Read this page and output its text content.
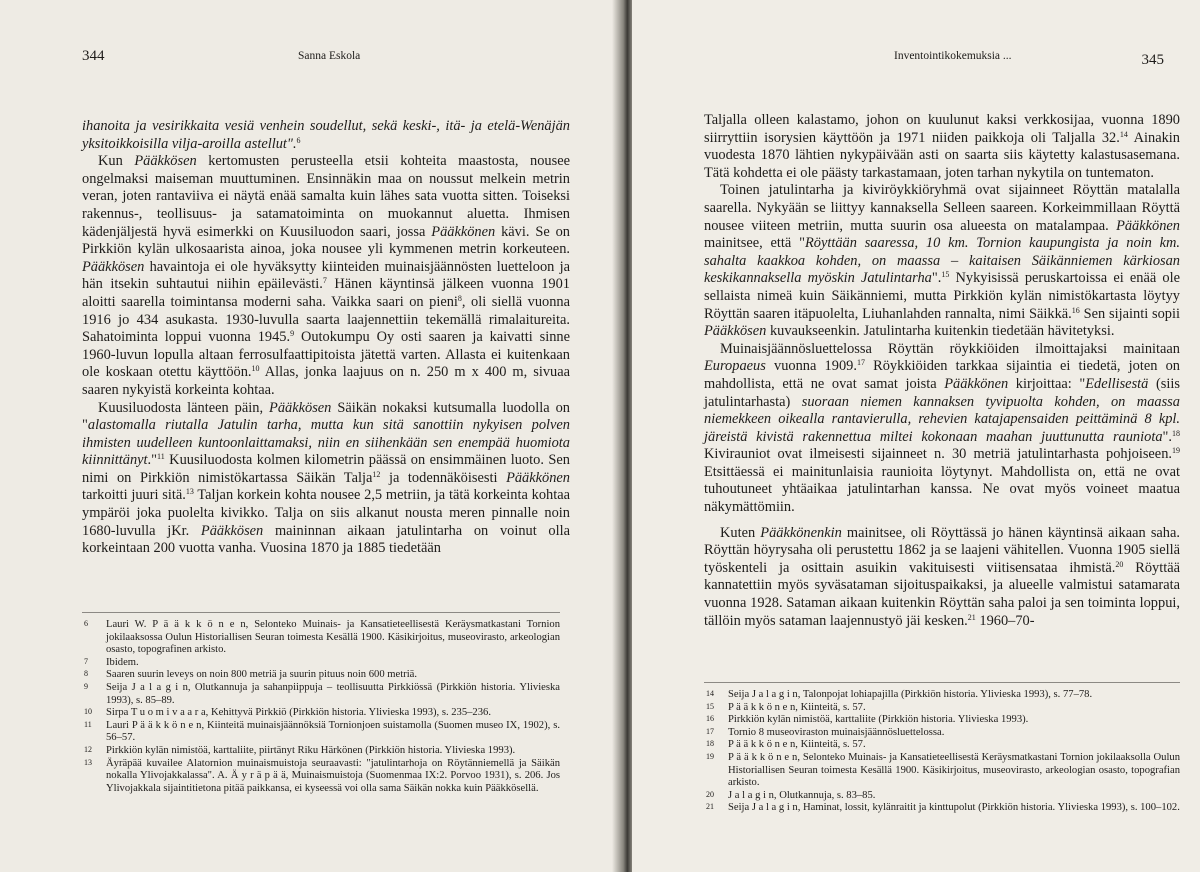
344	Sanna Eskola

ihanoita ja vesirikkaita vesiä venhein soudellut, sekä keski-, itä- ja etelä-Wenäjän yksitoikkoisilla vilja-aroilla astellut".$^6$

Kun Pääkkösen kertomusten perusteella etsii kohteita maastosta, nousee ongelmaksi maiseman muuttuminen. Ensinnäkin maa on noussut melkein metrin veran, joten rantaviiva ei näytä enää samalta kuin lähes sata vuotta sitten. Toiseksi rakennus-, teollisuus- ja satamatoiminta on muokannut aluetta. Ihmisen kädenjäljestä hyvä esimerkki on Kuusiluodon saari, jossa Pääkkönen kävi. Se on Pirkkiön kylän ulkosaarista ainoa, joka nousee yli kymmenen metrin korkeuteen. Pääkkösen havaintoja ei ole hyväksytty kiinteiden muinaisjäännösten luetteloon ja hän itsekin suhtautui niihin epäilevästi.$^7$ Hänen käyntinsä jälkeen vuonna 1901 aloitti saarella toimintansa moderni saha. Vaikka saari on pieni$^8$, oli siellä vuonna 1916 jo 434 asukasta. 1930-luvulla saarta laajennettiin tekemällä rimalaitureita. Sahatoiminta loppui vuonna 1945.$^9$ Outokumpu Oy osti saaren ja kaivatti sinne 1960-luvun lopulla altaan ferrosulfaattipitoista jätettä varten. Allasta ei kuitenkaan ole koskaan otettu käyttöön.$^{10}$ Allas, jonka laajuus on n. 250 m x 400 m, sivuaa saaren nykyistä korkeinta kohtaa.

Kuusiluodosta länteen päin, Pääkkösen Säikän nokaksi kutsumalla luodolla on "alastomalla riutalla Jatulin tarha, mutta kun sitä sanottiin nykyisen polven ihmisten uudelleen kuntoonlaittamaksi, niin en siihenkään sen enempää huomiota kiinnittänyt."$^{11}$ Kuusiluodosta kolmen kilometrin päässä on ensimmäinen luoto. Sen nimi on Pirkkiön nimistökartassa Säikän Talja$^{12}$ ja todennäköisesti Pääkkönen tarkoitti juuri sitä.$^{13}$ Taljan korkein kohta nousee 2,5 metriin, ja tätä korkeinta kohtaa ympäröi joka puolelta kivikko. Talja on siis alkanut nousta meren pinnalle noin 1680-luvulla jKr. Pääkkösen maininnan aikaan jatulintarha on voinut olla korkeintaan 200 vuotta vanha. Vuosina 1870 ja 1885 tiedetään

6 Lauri W. P ä ä k k ö n e n, Selonteko Muinais- ja Kansatieteellisestä Keräysmatkastani Tornion jokilaaksossa Oulun Historiallisen Seuran toimesta Kesällä 1900. Käsikirjoitus, museovirasto, arkeologian osasto, topografinen arkisto.
7 Ibidem.
8 Saaren suurin leveys on noin 800 metriä ja suurin pituus noin 600 metriä.
9 Seija J a l a g i n, Olutkannuja ja sahanpiippuja – teollisuutta Pirkkiössä (Pirkkiön historia. Ylivieska 1993), s. 85–89.
10 Sirpa T u o m i v a a r a, Kehittyvä Pirkkiö (Pirkkiön historia. Ylivieska 1993), s. 235–236.
11 Lauri P ä ä k k ö n e n, Kiinteitä muinaisjäännöksiä Tornionjoen suistamolla (Suomen museo IX, 1902), s. 56–57.
12 Pirkkiön kylän nimistöä, karttaliite, piirtänyt Riku Härkönen (Pirkkiön historia. Ylivieska 1993).
13 Äyräpää kuvailee Alatornion muinaismuistoja seuraavasti: "jatulintarhoja on Röytänniemellä ja Säikän nokalla Ylivojakkalassa". A. Ä y r ä p ä ä, Muinaismuistoja (Suomenmaa IX:2. Porvoo 1931), s. 206. Jos Ylivojakkala sijaintitietona pitää paikkansa, ei kyseessä voi olla sama Säikän nokka kuin Pääkkösellä.
Inventointikokemuksia ...	345

Taljalla olleen kalastamo, johon on kuulunut kaksi verkkosijaa, vuonna 1890 siirryttiin isorysien käyttöön ja 1971 niiden paikkoja oli Taljalla 32.14 Ainakin vuodesta 1870 lähtien nykypäivään asti on saarta siis käytetty kalastusasemana. Tätä kohdetta ei ole päästy tarkastamaan, joten tarhan nykytila on tuntematon.

Toinen jatulintarha ja kiviröykkiöryhmä ovat sijainneet Röyttän matalalla saarella. Nykyään se liittyy kannaksella Selleen saareen. Korkeimmillaan Röyttä nousee viiteen metriin, mutta suurin osa alueesta on matalampaa. Pääkkönen mainitsee, että "Röyttään saaressa, 10 km. Tornion kaupungista ja noin km. sahalta kaakkoa kohden, on maassa – kaitaisen Säikänniemen kärkiosan keskikannaksella myöskin Jatulintarha".$^{15}$ Nykyisissä peruskartoissa ei enää ole sellaista nimeä kuin Säikänniemi, mutta Pirkkiön kylän nimistökartasta löytyy Röyttän saaren itäpuolelta, Liuhanlahden rannalta, nimi Säikkä.$^{16}$ Sen sijainti sopii Pääkkösen kuvaukseenkin. Jatulintarha kuitenkin tiedetään hävitetyksi.

Muinaisjäännösluettelossa Röyttän röykkiöiden ilmoittajaksi mainitaan Europaeus vuonna 1909.17 Röykkiöiden tarkkaa sijaintia ei tiedetä, joten on mahdollista, että ne ovat samat joista Pääkkönen kirjoittaa: "Edellisestä (siis jatulintarhasta) suoraan niemen kannaksen tyvipuolta kohden, on maassa niemekkeen oikealla rantavierulla, rehevien katajapensaiden peittäminä 8 kpl. järeistä kivistä rakennettua miltei kokonaan maahan juuttunutta rauniota".$^{18}$ Kivirauniot ovat ilmeisesti sijainneet n. 30 metriä jatulintarhasta pohjoiseen.$^{19}$ Etsittäessä ei mainitunlaisia raunioita löytynyt. Mahdollista on, että ne ovat tuhoutuneet yhtäaikaa jatulintarhan kanssa. Ne ovat myös voineet maatua näkymättömiin.

Kuten Pääkkönenkin mainitsee, oli Röyttässä jo hänen käyntinsä aikaan saha. Röyttän höyrysaha oli perustettu 1862 ja se laajeni vähitellen. Vuonna 1905 siellä työskenteli ja osittain asuikin vakituisesti viitisensataa ihmistä.$^{20}$ Röyttää kannatettiin myös syväsataman sijoituspaikaksi, ja alueelle valmistui satamarata vuonna 1928. Sataman aikaan kuitenkin Röyttän saha paloi ja sen toiminta loppui, tällöin myös sataman laajennustyö jäi kesken.$^{21}$ 1960–70-

14 Seija J a l a g i n, Talonpojat lohiapajilla (Pirkkiön historia. Ylivieska 1993), s. 77–78.
15 P ä ä k k ö n e n, Kiinteitä, s. 57.
16 Pirkkiön kylän nimistöä, karttaliite (Pirkkiön historia. Ylivieska 1993).
17 Tornio 8 museoviraston muinaisjäännösluettelossa.
18 P ä ä k k ö n e n, Kiinteitä, s. 57.
19 P ä ä k k ö n e n, Selonteko Muinais- ja Kansatieteellisestä Keräysmatkastani Tornion jokilaaksolla Oulun Historiallisen Seuran toimesta Kesällä 1900. Käsikirjoitus, museovirasto, arkeologian osasto, topografian arkisto.
20 J a l a g i n, Olutkannuja, s. 83–85.
21 Seija J a l a g i n, Haminat, lossit, kylänraitit ja kinttupolut (Pirkkiön historia. Ylivieska 1993), s. 100–102.
